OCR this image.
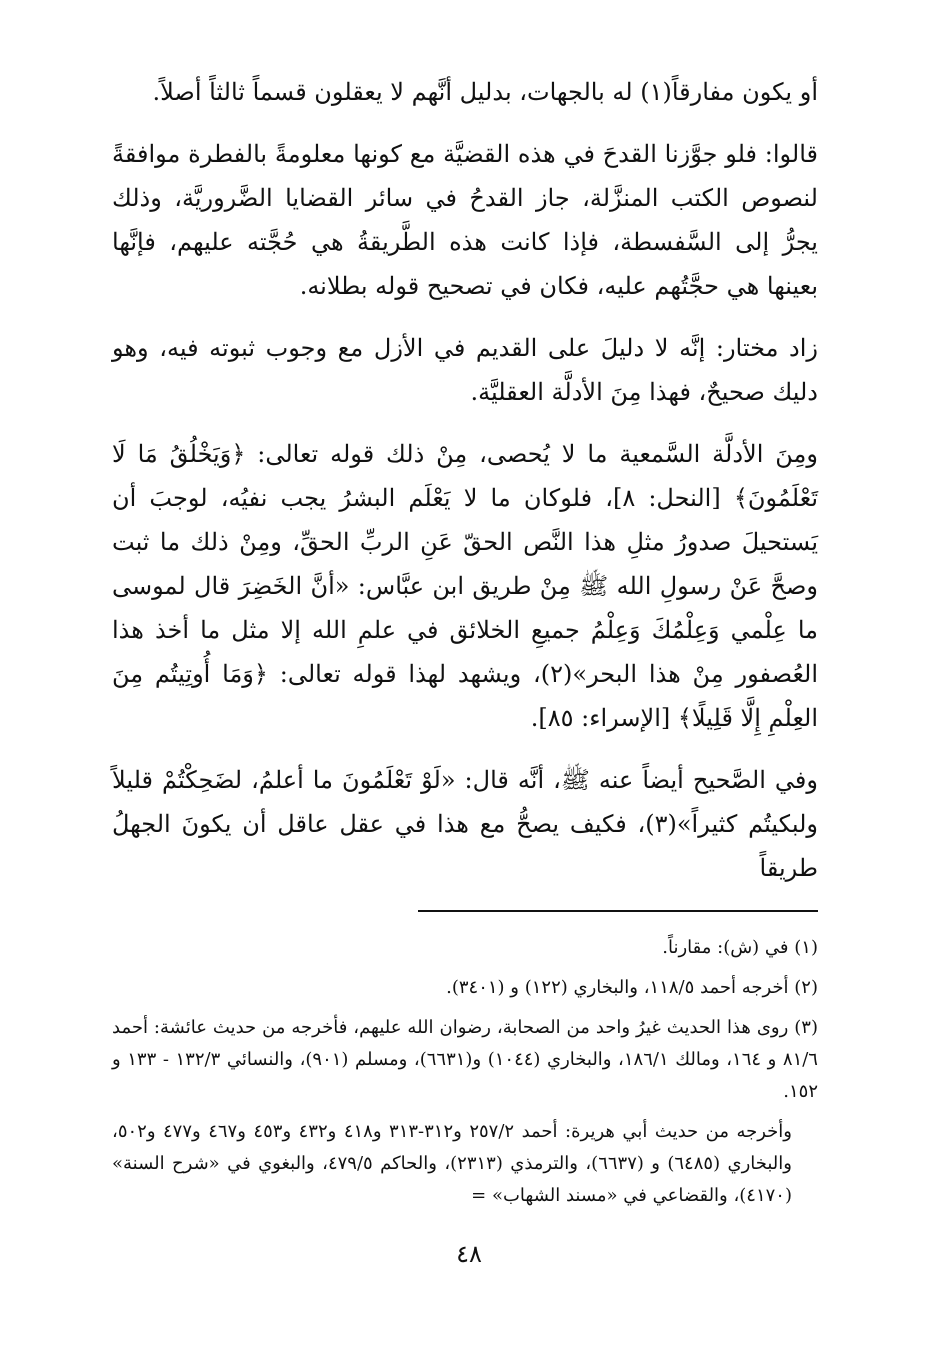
أو يكون مفارقاً(١) له بالجهات، بدليل أنَّهم لا يعقلون قسماً ثالثاً أصلاً.

قالوا: فلو جوَّزنا القدحَ في هذه القضيَّة مع كونها معلومةً بالفطرة موافقةً لنصوص الكتب المنزَّلة، جاز القدحُ في سائر القضايا الضَّروريَّة، وذلك يجرُّ إلى السَّفسطة، فإذا كانت هذه الطَّريقةُ هي حُجَّته عليهم، فإنَّها بعينها هي حجَّتُهم عليه، فكان في تصحيح قوله بطلانه.

زاد مختار: إنَّه لا دليلَ على القديم في الأزل مع وجوب ثبوته فيه، وهو دليك صحيحٌ، فهذا مِنَ الأدلَّة العقليَّة.

ومِنَ الأدلَّة السَّمعية ما لا يُحصى، مِنْ ذلك قوله تعالى: ﴿وَيَخْلُقُ مَا لَا تَعْلَمُونَ﴾ [النحل: ٨]، فلوكان ما لا يَعْلَم البشرُ يجب نفيُه، لوجبَ أن يَستحيلَ صدورُ مثلِ هذا النَّص الحقّ عَنِ الربِّ الحقِّ، ومِنْ ذلك ما ثبت وصحَّ عَنْ رسولِ الله ﷺ مِنْ طريق ابن عبَّاس: «أنَّ الخَضِرَ قال لموسى ما عِلْمي وَعِلْمُكَ وَعِلْمُ جميعِ الخلائق في علمِ الله إلا مثل ما أخذ هذا العُصفور مِنْ هذا البحر»(٢)، ويشهد لهذا قوله تعالى: ﴿وَمَا أُوتِيتُم مِنَ العِلْمِ إِلَّا قَلِيلًا﴾ [الإسراء: ٨٥].

وفي الصَّحيح أيضاً عنه ﷺ، أنَّه قال: «لَوْ تَعْلَمُونَ ما أعلمُ، لضَحِكْتُمْ قليلاً ولبكيتُم كثيراً»(٣)، فكيف يصحُّ مع هذا في عقل عاقل أن يكونَ الجهلُ طريقاً

(١) في (ش): مقارناً.

(٢) أخرجه أحمد ١١٨/٥، والبخاري (١٢٢) و (٣٤٠١).

(٣) روى هذا الحديث غيرُ واحد من الصحابة، رضوان الله عليهم، فأخرجه من حديث عائشة: أحمد ٨١/٦ و ١٦٤، ومالك ١٨٦/١، والبخاري (١٠٤٤) و(٦٦٣١)، ومسلم (٩٠١)، والنسائي ١٣٢/٣ - ١٣٣ و ١٥٢.

وأخرجه من حديث أبي هريرة: أحمد ٢٥٧/٢ و٣١٢-٣١٣ و٤١٨ و٤٣٢ و٤٥٣ و٤٦٧ و٤٧٧ و٥٠٢، والبخاري (٦٤٨٥) و (٦٦٣٧)، والترمذي (٢٣١٣)، والحاكم ٤٧٩/٥، والبغوي في «شرح السنة» (٤١٧٠)، والقضاعي في «مسند الشهاب» =

٤٨
